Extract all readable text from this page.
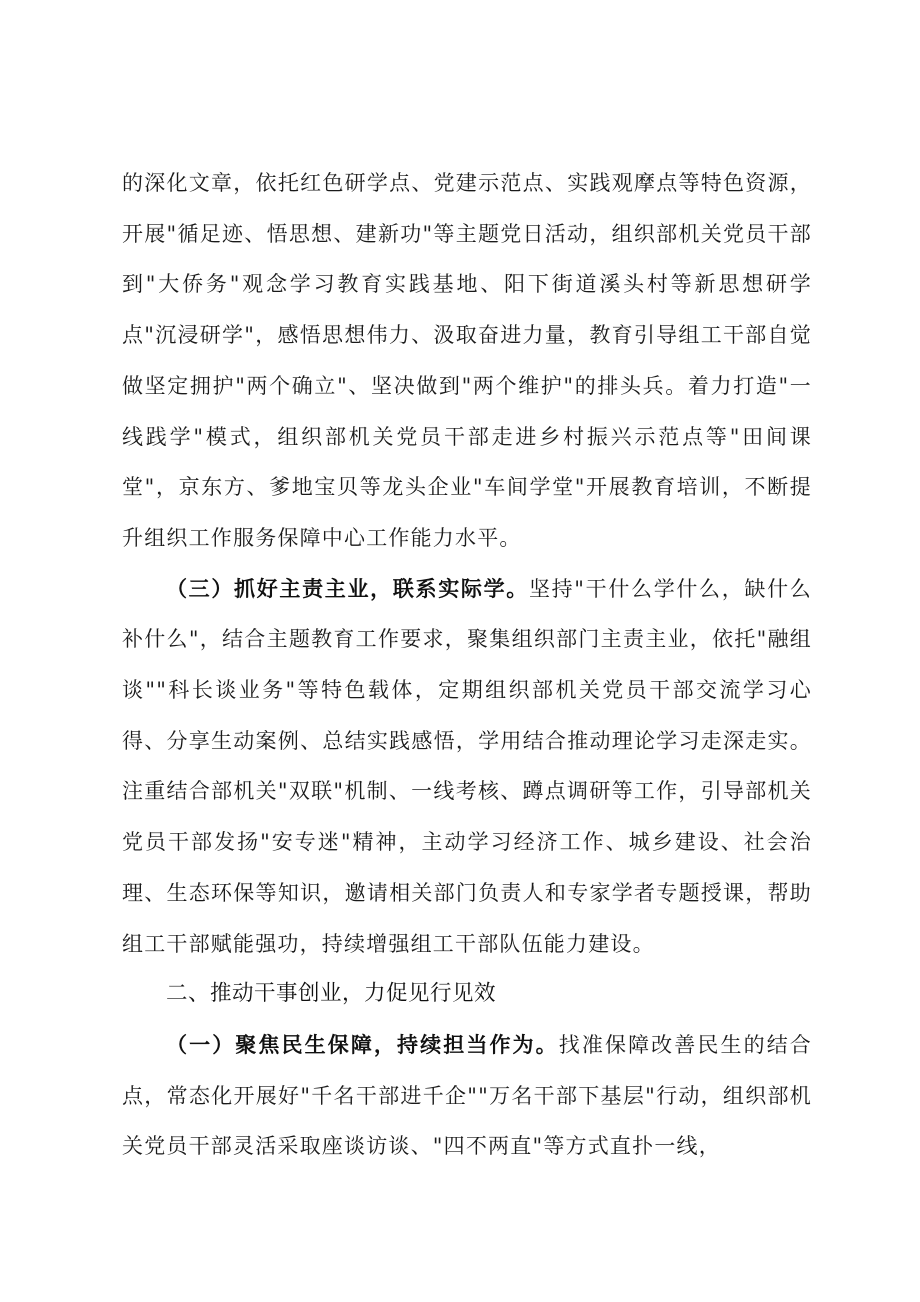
的深化文章，依托红色研学点、党建示范点、实践观摩点等特色资源，开展"循足迹、悟思想、建新功"等主题党日活动，组织部机关党员干部到"大侨务"观念学习教育实践基地、阳下街道溪头村等新思想研学点"沉浸研学"，感悟思想伟力、汲取奋进力量，教育引导组工干部自觉做坚定拥护"两个确立"、坚决做到"两个维护"的排头兵。着力打造"一线践学"模式，组织部机关党员干部走进乡村振兴示范点等"田间课堂"，京东方、爹地宝贝等龙头企业"车间学堂"开展教育培训，不断提升组织工作服务保障中心工作能力水平。

（三）抓好主责主业，联系实际学。坚持"干什么学什么，缺什么补什么"，结合主题教育工作要求，聚集组织部门主责主业，依托"融组谈""科长谈业务"等特色载体，定期组织部机关党员干部交流学习心得、分享生动案例、总结实践感悟，学用结合推动理论学习走深走实。注重结合部机关"双联"机制、一线考核、蹲点调研等工作，引导部机关党员干部发扬"安专迷"精神，主动学习经济工作、城乡建设、社会治理、生态环保等知识，邀请相关部门负责人和专家学者专题授课，帮助组工干部赋能强功，持续增强组工干部队伍能力建设。

二、推动干事创业，力促见行见效

（一）聚焦民生保障，持续担当作为。找准保障改善民生的结合点，常态化开展好"千名干部进千企""万名干部下基层"行动，组织部机关党员干部灵活采取座谈访谈、"四不两直"等方式直扑一线，
